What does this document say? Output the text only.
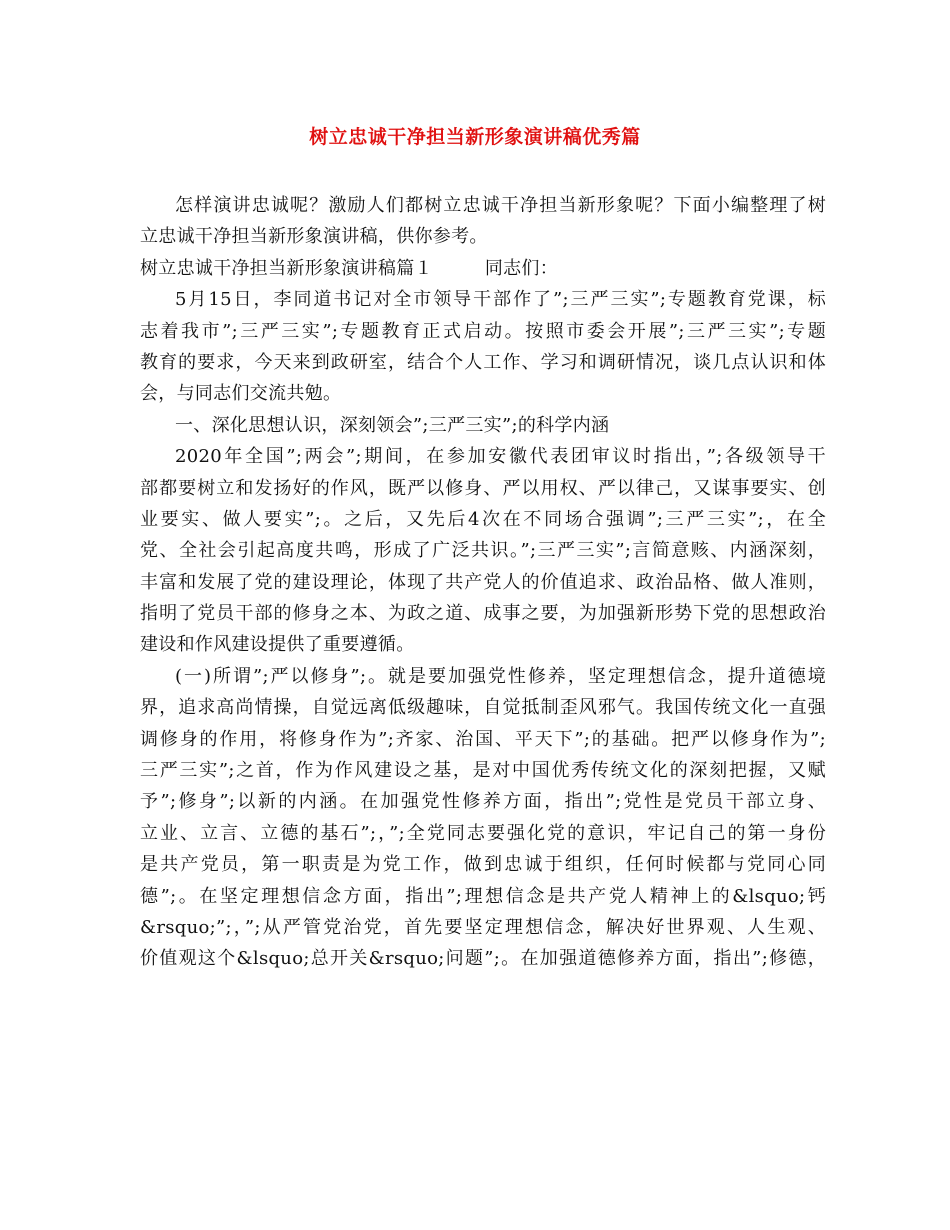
树立忠诚干净担当新形象演讲稿优秀篇
怎样演讲忠诚呢？激励人们都树立忠诚干净担当新形象呢？下面小编整理了树
立忠诚干净担当新形象演讲稿，供你参考。
树立忠诚干净担当新形象演讲稿篇１	同志们：
5月15日，李同道书记对全市领导干部作了”;三严三实”;专题教育党课，标
志着我市”;三严三实”;专题教育正式启动。按照市委会开展”;三严三实”;专题
教育的要求，今天来到政研室，结合个人工作、学习和调研情况，谈几点认识和体
会，与同志们交流共勉。
一、深化思想认识，深刻领会”;三严三实”;的科学内涵
2020年全国”;两会”;期间，在参加安徽代表团审议时指出，”;各级领导干
部都要树立和发扬好的作风，既严以修身、严以用权、严以律己，又谋事要实、创
业要实、做人要实”;。之后，又先后4次在不同场合强调”;三严三实”;，在全
党、全社会引起高度共鸣，形成了广泛共识。”;三严三实”;言简意赅、内涵深刻，
丰富和发展了党的建设理论，体现了共产党人的价值追求、政治品格、做人准则，
指明了党员干部的修身之本、为政之道、成事之要，为加强新形势下党的思想政治
建设和作风建设提供了重要遵循。
(一)所谓”;严以修身”;。就是要加强党性修养，坚定理想信念，提升道德境
界，追求高尚情操，自觉远离低级趣味，自觉抵制歪风邪气。我国传统文化一直强
调修身的作用，将修身作为”;齐家、治国、平天下”;的基础。把严以修身作为”;
三严三实”;之首，作为作风建设之基，是对中国优秀传统文化的深刻把握，又赋
予”;修身”;以新的内涵。在加强党性修养方面，指出”;党性是党员干部立身、
立业、立言、立德的基石”;，”;全党同志要强化党的意识，牢记自己的第一身份
是共产党员，第一职责是为党工作，做到忠诚于组织，任何时候都与党同心同
德”;。在坚定理想信念方面，指出”;理想信念是共产党人精神上的&lsquo;钙
&rsquo;”;，”;从严管党治党，首先要坚定理想信念，解决好世界观、人生观、
价值观这个&lsquo;总开关&rsquo;问题”;。在加强道德修养方面，指出”;修德，
